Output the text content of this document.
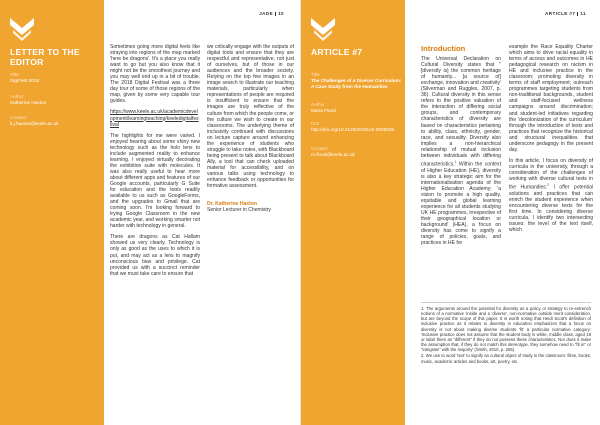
LETTER TO THE EDITOR
Title
DigiFest 2018
Author
Katherine Haxton
Contact
k.j.haxton@keele.ac.uk
JADE 10

Sometimes going more digital feels like straying into regions of the map marked 'here be dragons'. It's a place you really want to go but you also know that it might not be the smoothest journey and you may well end up in a bit of trouble. The 2018 Digital Festival was a three day tour of some of those regions of the map, given by some very capable tour guides.

https://www.keele.ac.uk/academicdevelopment/learningteaching/keeledigitalfestival

The highlights for me were varied. I enjoyed hearing about some shiny new technology such as the holo lens to include augmented reality to enhance learning. I enjoyed virtually decorating the exhibition suite with molecules. It was also really useful to hear more about different apps and features of our Google accounts, particularly G Suite for education and the tools readily available to us such as GoogleForms, and the upgrades to Gmail that are coming soon. I'm looking forward to trying Google Classroom in the new academic year, and working smarter not harder with technology in general.

There are dragons as Cat Hallam showed us very clearly. Technology is only as good as the uses to which it is put, and may act as a lens to magnify unconscious bias and privilege. Cat provided us with a succinct reminder that we must take care to ensure that

we critically engage with the outputs of digital tools and ensure that they are respectful and representative, not just of ourselves, but of those in our audiences and the broader society. Relying on the top few images in an image search to illustrate our teaching materials, particularly when representations of people are required is insufficient to ensure that the images are truly reflective of the culture from which the people come, or the culture we wish to create in our classrooms. The underlying theme of inclusivity continued with discussions on lecture capture around enhancing the experience of students who struggle to take notes, with Blackboard being present to talk about Blackboard Ally, a tool that can check uploaded material for accessibility, and on various talks using technology to enhance feedback or opportunities for formative assessment.

Dr. Katherine Haxton
Senior Lecturer in Chemistry
ARTICLE #7
Title
The Challenges of a Diverse Curriculum: A Case Study from the Humanities
Author
Maria Flood
DOI
http://doi.org/10.21252/KEELE-0000035
Contact
m.flood@keele.ac.uk
ARTICLE #7 11
Introduction

The Universal Declaration on Cultural Diversity states that "[diversity is] the common heritage of humanity... [a source of] exchange, innovation and creativity' (Silverman and Ruggles, 2007, p. 36). Cultural diversity in this sense refers to the positive valuation of the interaction of differing social groups, and contemporary characteristics of diversity are based on characteristics pertaining to ability, class, ethnicity, gender, race, and sexuality. Diversity also implies a non-hierarchical relationship of mutual inclusion between individuals with differing characteristics.$^1$ Within the context of Higher Education (HE), diversity is also a key strategic aim for the internationalisation agenda of the Higher Education Academy; 'a vision to promote a high quality, equitable and global learning experience for all students studying UK HE programmes, irrespective of their geographical location or background' (HEA), a focus on diversity has come to signify a range of policies, goals, and practices in HE for

example the Race Equality Charter which aims to drive racial equality in terms of access and outcomes in HE pedagogical research on racism in HE and inclusive practice in the classroom; promoting diversity in terms of staff employment; outreach programmes targeting students from non-traditional backgrounds, student and staff-focused wellness campaigns around discrimination; and student-led initiatives regarding the 'decolonization of the curriculum' through the introduction of texts and practices that recognize the historical and structural inequalities that underscore pedagogy in the present day.

In this article, I focus on diversity of curricula in the university, through a consideration of the challenges of working with diverse cultural texts in the Humanities.$^2$ I offer potential solutions and practices that can enrich the student experience when encountering diverse texts for the first time. In considering diverse curricula, I identify two intersecting issues: the level of the text itself, which

1. The arguments around the potential for diversity as a policy or strategy to re-entrench notions of a normative 'inside and a 'diverse', non-normative outside merit consideration, but are beyond the scope of this paper. It is worth noting that Heidi Scott's definition of inclusive practice as it relates to diversity in education emphasizes that a focus on diversity is not about making diverse students 'fit' a particular normative category: 'Inclusive practice does not assume that the student body is white, middle class, aged 18 or label them as "different" if they do not possess these characteristics. Nor does it make the assumption that, if they do not match this stereotype, they somehow need to "fit in" or "integrate" with the majority' (Smith, 2010, p. 255).

2. We use to word 'text' to signify an cultural object of study in the classroom: films, books, music, academic articles and books, art, poetry, etc.
